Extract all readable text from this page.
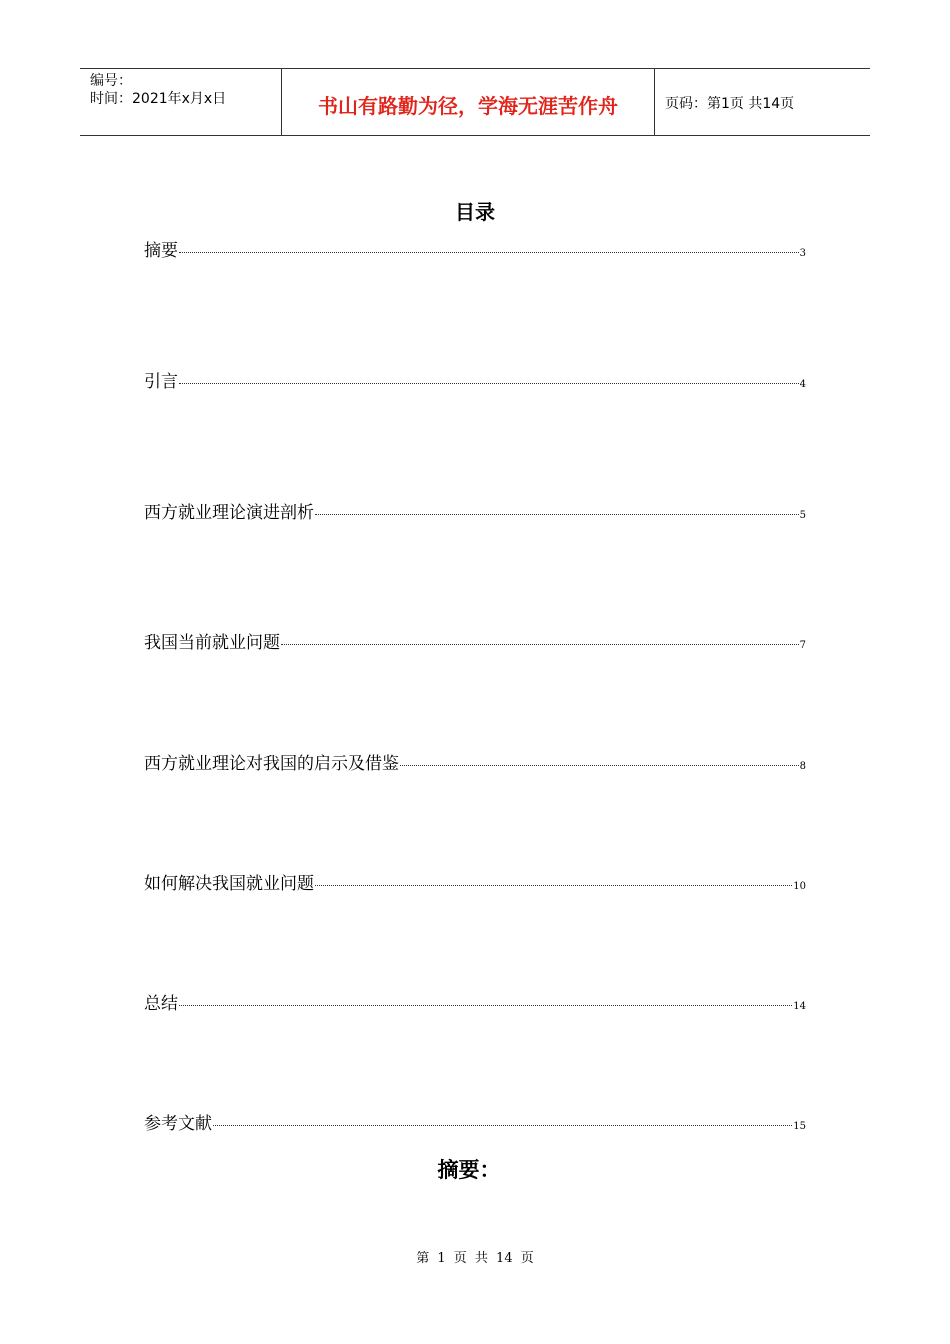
编号：
时间：2021年x月x日	书山有路勤为径，学海无涯苦作舟	页码：第1页 共14页
目录
摘要	3
引言	4
西方就业理论演进剖析	5
我国当前就业问题	7
西方就业理论对我国的启示及借鉴	8
如何解决我国就业问题	10
总结	14
参考文献	15
摘要：
第 1 页 共 14 页
